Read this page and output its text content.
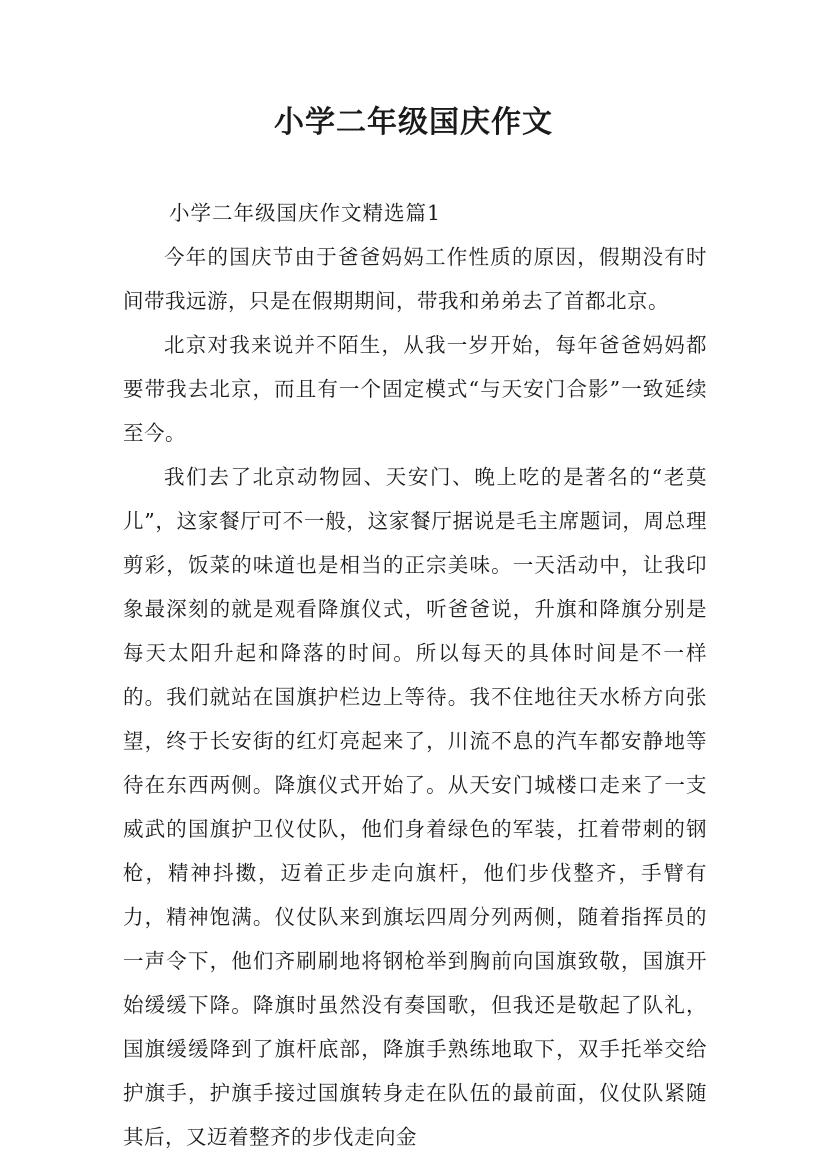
小学二年级国庆作文

小学二年级国庆作文精选篇1

今年的国庆节由于爸爸妈妈工作性质的原因，假期没有时间带我远游，只是在假期期间，带我和弟弟去了首都北京。

北京对我来说并不陌生，从我一岁开始，每年爸爸妈妈都要带我去北京，而且有一个固定模式“与天安门合影”一致延续至今。

我们去了北京动物园、天安门、晚上吃的是著名的“老莫儿”，这家餐厅可不一般，这家餐厅据说是毛主席题词，周总理剪彩，饭菜的味道也是相当的正宗美味。一天活动中，让我印象最深刻的就是观看降旗仪式，听爸爸说，升旗和降旗分别是每天太阳升起和降落的时间。所以每天的具体时间是不一样的。我们就站在国旗护栏边上等待。我不住地往天水桥方向张望，终于长安街的红灯亮起来了，川流不息的汽车都安静地等待在东西两侧。降旗仪式开始了。从天安门城楼口走来了一支威武的国旗护卫仪仗队，他们身着绿色的军装，扛着带刺的钢枪，精神抖擞，迈着正步走向旗杆，他们步伐整齐，手臂有力，精神饱满。仪仗队来到旗坛四周分列两侧，随着指挥员的一声令下，他们齐刷刷地将钢枪举到胸前向国旗致敬，国旗开始缓缓下降。降旗时虽然没有奏国歌，但我还是敬起了队礼，国旗缓缓降到了旗杆底部，降旗手熟练地取下，双手托举交给护旗手，护旗手接过国旗转身走在队伍的最前面，仪仗队紧随其后，又迈着整齐的步伐走向金
